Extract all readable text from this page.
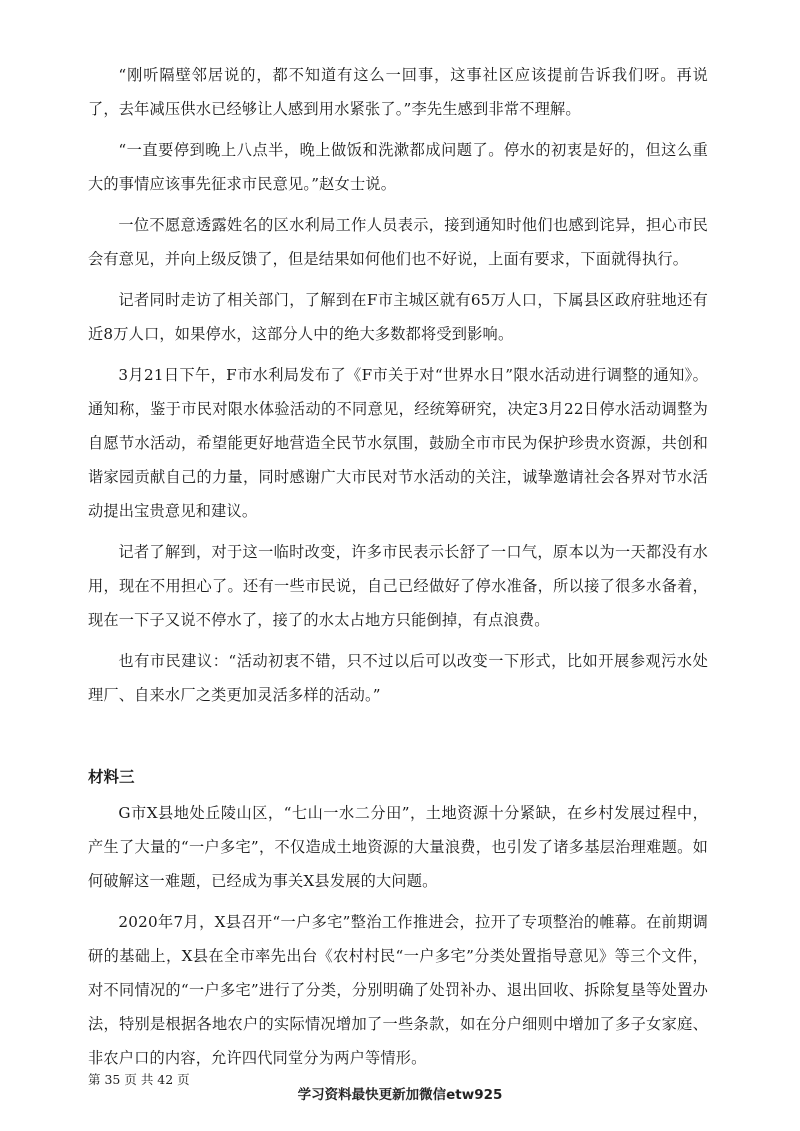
“刚听隔壁邻居说的，都不知道有这么一回事，这事社区应该提前告诉我们呀。再说了，去年减压供水已经够让人感到用水紧张了。”李先生感到非常不理解。

“一直要停到晚上八点半，晚上做饭和洗漱都成问题了。停水的初衷是好的，但这么重大的事情应该事先征求市民意见。”赵女士说。

一位不愿意透露姓名的区水利局工作人员表示，接到通知时他们也感到诧异，担心市民会有意见，并向上级反馈了，但是结果如何他们也不好说，上面有要求，下面就得执行。

记者同时走访了相关部门，了解到在F市主城区就有65万人口，下属县区政府驻地还有近8万人口，如果停水，这部分人中的绝大多数都将受到影响。

3月21日下午，F市水利局发布了《F市关于对“世界水日”限水活动进行调整的通知》。通知称，鉴于市民对限水体验活动的不同意见，经统筹研究，决定3月22日停水活动调整为自愿节水活动，希望能更好地营造全民节水氛围，鼓励全市市民为保护珍贵水资源，共创和谐家园贡献自己的力量，同时感谢广大市民对节水活动的关注，诚挚邀请社会各界对节水活动提出宝贵意见和建议。

记者了解到，对于这一临时改变，许多市民表示长舒了一口气，原本以为一天都没有水用，现在不用担心了。还有一些市民说，自己已经做好了停水准备，所以接了很多水备着，现在一下子又说不停水了，接了的水太占地方只能倒掉，有点浪费。

也有市民建议：“活动初衷不错，只不过以后可以改变一下形式，比如开展参观污水处理厂、自来水厂之类更加灵活多样的活动。”

材料三

G市X县地处丘陵山区，“七山一水二分田”，土地资源十分紧缺，在乡村发展过程中，产生了大量的“一户多宅”，不仅造成土地资源的大量浪费，也引发了诸多基层治理难题。如何破解这一难题，已经成为事关X县发展的大问题。

2020年7月，X县召开“一户多宅”整治工作推进会，拉开了专项整治的帷幕。在前期调研的基础上，X县在全市率先出台《农村村民“一户多宅”分类处置指导意见》等三个文件，对不同情况的“一户多宅”进行了分类，分别明确了处罚补办、退出回收、拆除复垦等处置办法，特别是根据各地农户的实际情况增加了一些条款，如在分户细则中增加了多子女家庭、非农户口的内容，允许四代同堂分为两户等情形。

第 35 页 共 42 页
学习资料最快更新加微信etw925
